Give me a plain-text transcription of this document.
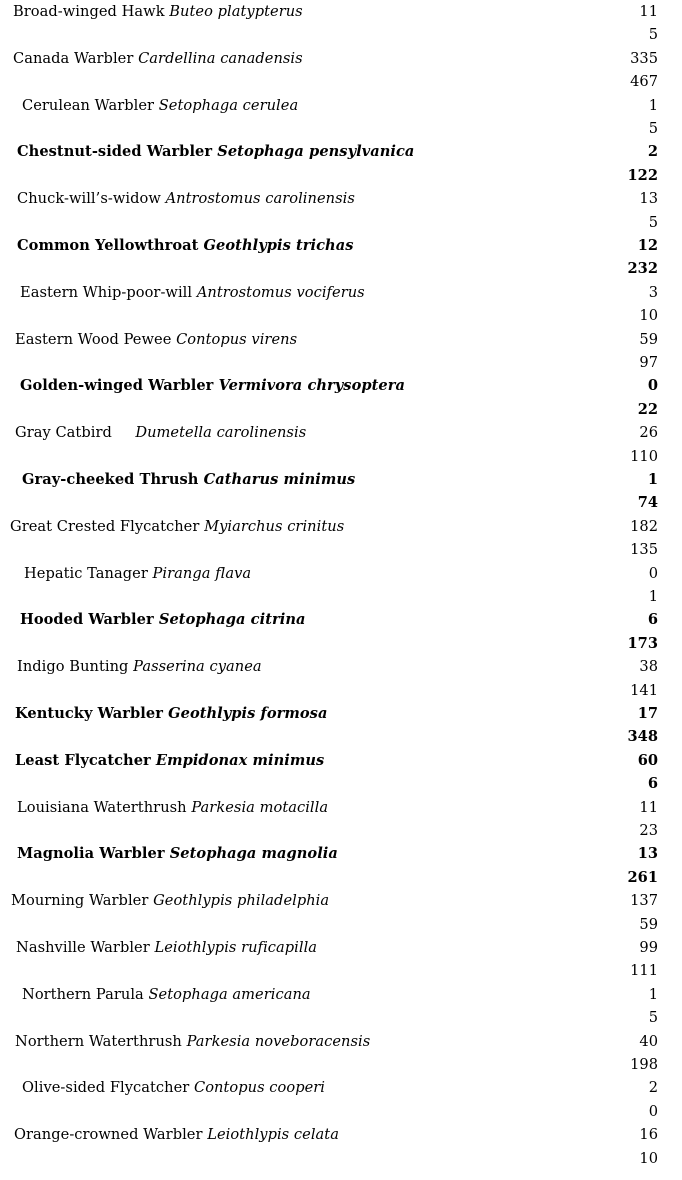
Broad-winged Hawk Buteo platypterus	11
5
Canada Warbler Cardellina canadensis	335
467
Cerulean Warbler Setophaga cerulea	1
5
Chestnut-sided Warbler Setophaga pensylvanica	2
122
Chuck-will’s-widow Antrostomus carolinensis	13
5
Common Yellowthroat Geothlypis trichas	12
232
Eastern Whip-poor-will Antrostomus vociferus	3
10
Eastern Wood Pewee Contopus virens	59
97
Golden-winged Warbler Vermivora chrysoptera	0
22
Gray Catbird     Dumetella carolinensis	26
110
Gray-cheeked Thrush Catharus minimus	1
74
Great Crested Flycatcher Myiarchus crinitus	182
135
Hepatic Tanager Piranga flava	0
1
Hooded Warbler Setophaga citrina	6
173
Indigo Bunting Passerina cyanea	38
141
Kentucky Warbler Geothlypis formosa	17
348
Least Flycatcher Empidonax minimus	60
6
Louisiana Waterthrush Parkesia motacilla	11
23
Magnolia Warbler Setophaga magnolia	13
261
Mourning Warbler Geothlypis philadelphia	137
59
Nashville Warbler Leiothlypis ruficapilla	99
111
Northern Parula Setophaga americana	1
5
Northern Waterthrush Parkesia noveboracensis	40
198
Olive-sided Flycatcher Contopus cooperi	2
0
Orange-crowned Warbler Leiothlypis celata	16
10
